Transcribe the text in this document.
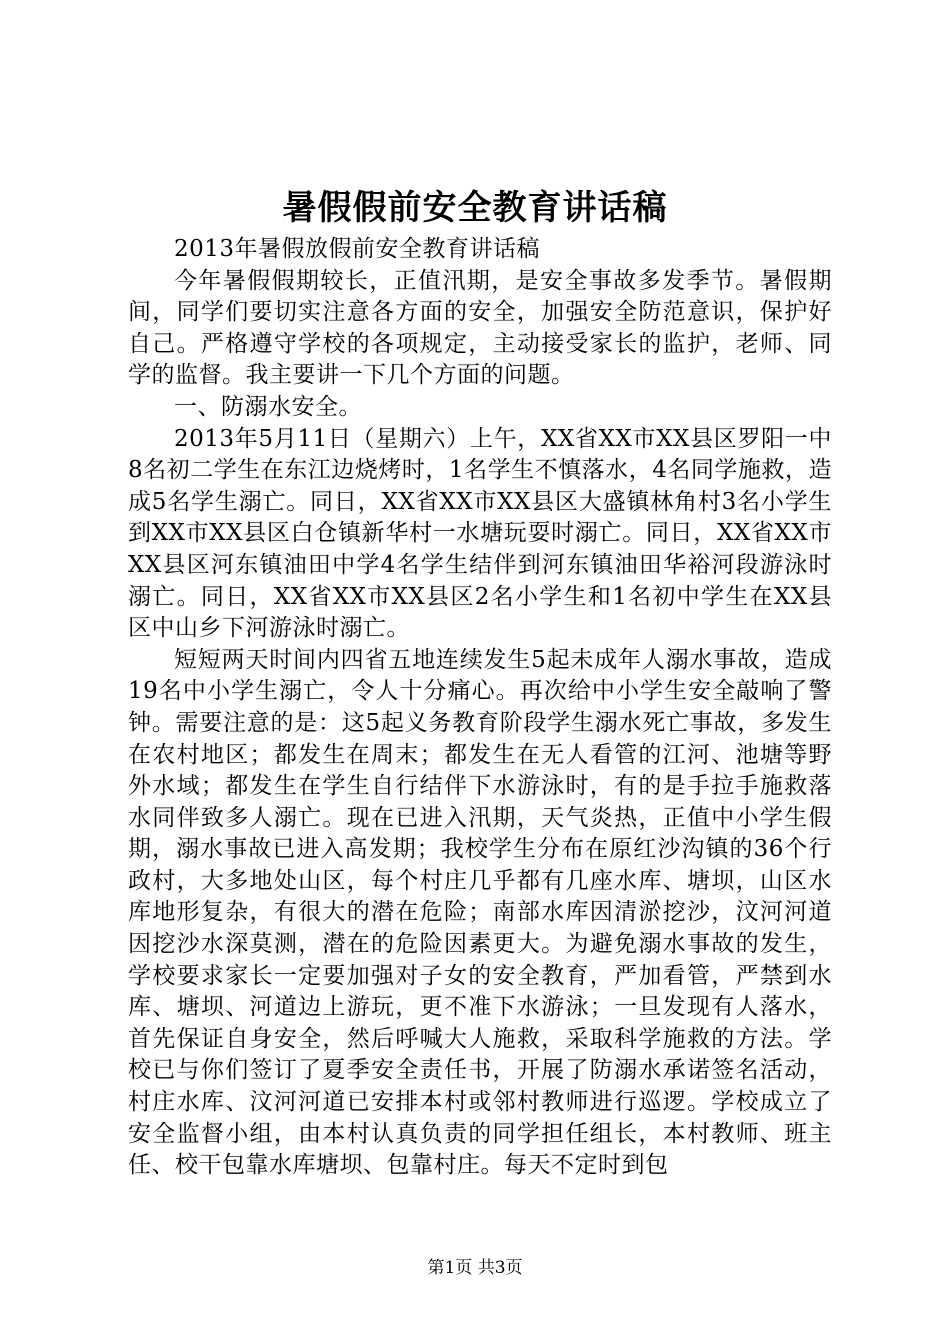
暑假假前安全教育讲话稿

2013年暑假放假前安全教育讲话稿

今年暑假假期较长，正值汛期，是安全事故多发季节。暑假期间，同学们要切实注意各方面的安全，加强安全防范意识，保护好自己。严格遵守学校的各项规定，主动接受家长的监护，老师、同学的监督。我主要讲一下几个方面的问题。

一、防溺水安全。

2013年5月11日（星期六）上午，XX省XX市XX县区罗阳一中8名初二学生在东江边烧烤时，1名学生不慎落水，4名同学施救，造成5名学生溺亡。同日，XX省XX市XX县区大盛镇林角村3名小学生到XX市XX县区白仓镇新华村一水塘玩耍时溺亡。同日，XX省XX市XX县区河东镇油田中学4名学生结伴到河东镇油田华裕河段游泳时溺亡。同日，XX省XX市XX县区2名小学生和1名初中学生在XX县区中山乡下河游泳时溺亡。

短短两天时间内四省五地连续发生5起未成年人溺水事故，造成19名中小学生溺亡，令人十分痛心。再次给中小学生安全敲响了警钟。需要注意的是：这5起义务教育阶段学生溺水死亡事故，多发生在农村地区；都发生在周末；都发生在无人看管的江河、池塘等野外水域；都发生在学生自行结伴下水游泳时，有的是手拉手施救落水同伴致多人溺亡。现在已进入汛期，天气炎热，正值中小学生假期，溺水事故已进入高发期；我校学生分布在原红沙沟镇的36个行政村，大多地处山区，每个村庄几乎都有几座水库、塘坝，山区水库地形复杂，有很大的潜在危险；南部水库因清淤挖沙，汶河河道因挖沙水深莫测，潜在的危险因素更大。为避免溺水事故的发生，学校要求家长一定要加强对子女的安全教育，严加看管，严禁到水库、塘坝、河道边上游玩，更不准下水游泳；一旦发现有人落水，首先保证自身安全，然后呼喊大人施救，采取科学施救的方法。学校已与你们签订了夏季安全责任书，开展了防溺水承诺签名活动，村庄水库、汶河河道已安排本村或邻村教师进行巡逻。学校成立了安全监督小组，由本村认真负责的同学担任组长，本村教师、班主任、校干包靠水库塘坝、包靠村庄。每天不定时到包

第1页 共3页
